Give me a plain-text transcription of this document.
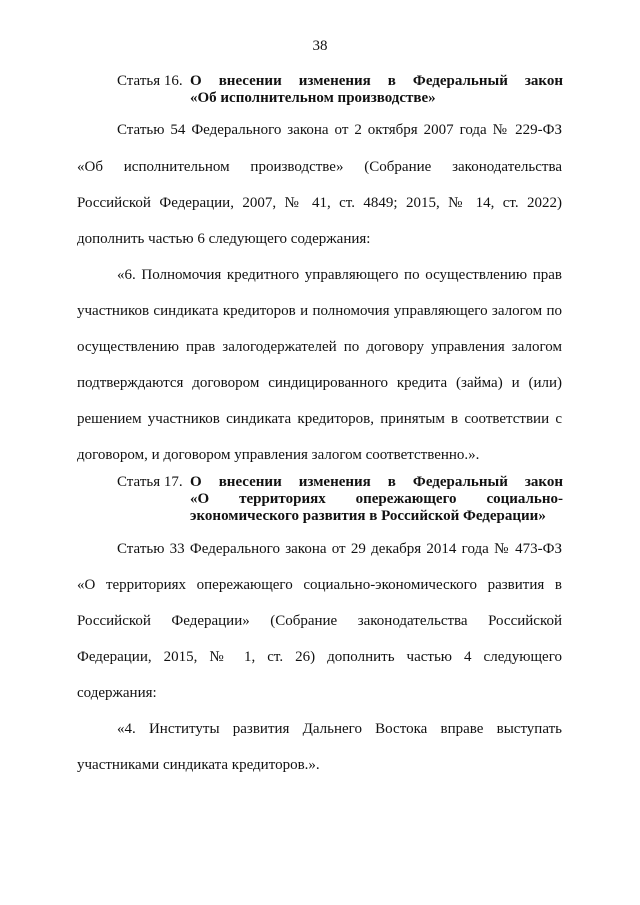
38
Статья 16. О внесении изменения в Федеральный закон
«Об исполнительном производстве»
Статью 54 Федерального закона от 2 октября 2007 года № 229-ФЗ
«Об исполнительном производстве» (Собрание законодательства
Российской Федерации, 2007, № 41, ст. 4849; 2015, № 14, ст. 2022)
дополнить частью 6 следующего содержания:
«6. Полномочия кредитного управляющего по осуществлению прав
участников синдиката кредиторов и полномочия управляющего залогом по
осуществлению прав залогодержателей по договору управления залогом
подтверждаются договором синдицированного кредита (займа) и (или)
решением участников синдиката кредиторов, принятым в соответствии с
договором, и договором управления залогом соответственно.».
Статья 17. О внесении изменения в Федеральный закон
«О территориях опережающего социально-
экономического развития в Российской Федерации»
Статью 33 Федерального закона от 29 декабря 2014 года № 473-ФЗ
«О территориях опережающего социально-экономического развития в
Российской Федерации» (Собрание законодательства Российской
Федерации, 2015, № 1, ст. 26) дополнить частью 4 следующего
содержания:
«4. Институты развития Дальнего Востока вправе выступать
участниками синдиката кредиторов.».
